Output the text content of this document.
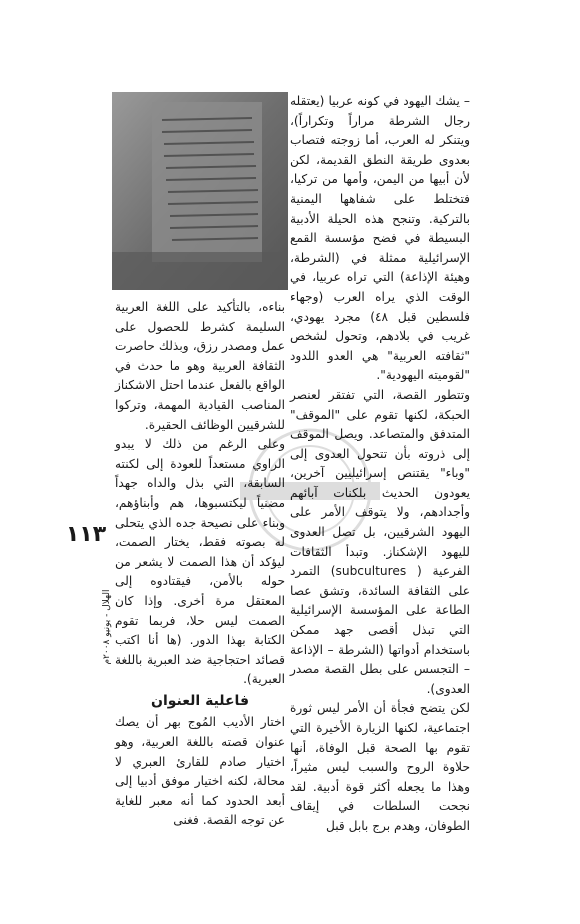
– يشك اليهود في كونه عربيا (يعتقله رجال الشرطة مراراً وتكراراً)، ويتنكر له العرب، أما زوجته فتصاب بعدوى طريقة النطق القديمة، لكن لأن أبيها من اليمن، وأمها من تركيا، فتختلط على شفاهها اليمنية بالتركية. وتنجح هذه الحيلة الأدبية البسيطة في فضح مؤسسة القمع الإسرائيلية ممثلة في (الشرطة، وهيئة الإذاعة) التي تراه عربيا، في الوقت الذي يراه العرب (وجهاء فلسطين قبل ٤٨) مجرد يهودي، غريب في بلادهم، وتحول لشخص "ثقافته العربية" هي العدو اللدود "لقوميته اليهودية".

وتتطور القصة، التي تفتقر لعنصر الحبكة، لكنها تقوم على "الموقف" المتدفق والمتصاعد. ويصل الموقف إلى ذروته بأن تتحول العدوى إلى "وباء" يقتنص إسرائيليين آخرين، يعودون الحديث بلكنات آبائهم وأجدادهم، ولا يتوقف الأمر على اليهود الشرقيين، بل تصل العدوى لليهود الإشكناز. وتبدأ الثقافات الفرعية ( subcultures) التمرد على الثقافة السائدة، وتشق عصا الطاعة على المؤسسة الإسرائيلية التي تبذل أقصى جهد ممكن باستخدام أدواتها (الشرطة – الإذاعة – التجسس على بطل القصة مصدر العدوى).

لكن يتضح فجأة أن الأمر ليس ثورة اجتماعية، لكنها الزيارة الأخيرة التي تقوم بها الصحة قبل الوفاة، أنها حلاوة الروح والسبب ليس مثيراً، وهذا ما يجعله أكثر قوة أدبية. لقد نجحت السلطات في إيقاف الطوفان، وهدم برج بابل قبل

بناءه، بالتأكيد على اللغة العربية السليمة كشرط للحصول على عمل ومصدر رزق، وبذلك حاصرت الثقافة العربية وهو ما حدث في الواقع بالفعل عندما احتل الاشكناز المناصب القيادية المهمة، وتركوا للشرقيين الوظائف الحقيرة.

وعلى الرغم من ذلك لا يبدو الراوي مستعداً للعودة إلى لكنته السابقة، التي بذل والداه جهداً مضنياً ليكتسبوها، هم وأبناؤهم، وبناء على نصيحة جده الذي يتحلى له بصوته فقط، يختار الصمت، ليؤكد أن هذا الصمت لا يشعر من حوله بالأمن، فيقتادوه إلى المعتقل مرة أخرى. وإذا كان الصمت ليس حلا، فربما تقوم الكتابة بهذا الدور. (ها أنا اكتب قصائد احتجاجية ضد العبرية باللغة العبرية).

فاعلية العنوان

اختار الأديب المُوج بهر أن يصك عنوان قصته باللغة العربية، وهو اختيار صادم للقارئ العبري لا محالة، لكنه اختيار موفق أدبيا إلى أبعد الحدود كما أنه معبر للغاية عن توجه القصة. فغنى

١١٣
الهلال - يونيو ٢٠٠٨م
